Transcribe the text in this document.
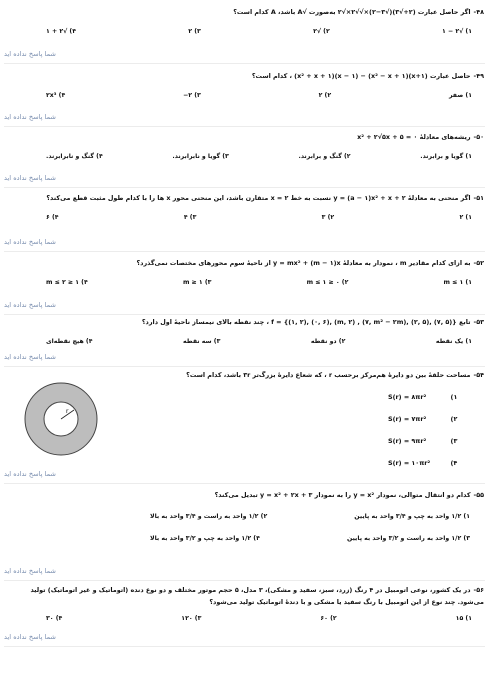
۴۸-اگر حاصل عبارت (۲+√۳)(√۳−۲)×√√۲×√۲ به‌صورت √A باشد، A کدام است؟
۱) √۲ − ۱
۲) √۲
۳) ۲
۴) √۲ + ۱
شما پاسخ نداده اید
۴۹-حاصل عبارت (x+۱)(x² − x + ۱) − (x − ۱)(x² + x + ۱) ، کدام است؟
۱) صفر
۲) ۲
۳) ۲−
۴) ۲x³
شما پاسخ نداده اید
۵۰-ریشه‌های معادلهٔ x² + ۲√۵x + ۵ = ۰
۱) گویا و برابرند.
۲) گنگ و برابرند.
۳) گویا و نابرابرند.
۴) گنگ و نابرابرند.
شما پاسخ نداده اید
۵۱-اگر منحنی به معادلهٔ y = (a − ۱)x² + x + ۲ نسبت به خط x = ۲ متقارن باشد، این منحنی محور x ها را با کدام طول مثبت قطع می‌کند؟
۱) ۲
۲) ۳
۳) ۴
۴) ۶
شما پاسخ نداده اید
۵۲-به ازای کدام مقادیر m ، نمودار به معادلهٔ y = mx² + (m − ۱)x از ناحیهٔ سوم محورهای مختصات نمی‌گذرد؟
۱) m ≤ ۱
۲) ۰ ≤ m ≤ ۱
۳) m ≥ ۱
۴) ۱ ≤ m ≤ ۲
شما پاسخ نداده اید
۵۳-تابع f = {(۱, ۲), (۰, ۶), (m, ۲) , (۷, m² − ۲m), (۲, ۵), (۷, ۵)} ، چند نقطه بالای نیمساز ناحیهٔ اول دارد؟
۱) یک نقطه
۲) دو نقطه
۳) سه نقطه
۴) هیچ نقطه‌ای
شما پاسخ نداده اید
۵۴-مساحت حلقهٔ بین دو دایرهٔ هم‌مرکز برحسب r ، که شعاع دایرهٔ بزرگ‌تر ۳r باشد، کدام است؟
r
S(r) = ۸πr²	(۱
S(r) = ۷πr²	(۲
S(r) = ۹πr²	(۳
S(r) = ۱۰πr²	(۴
شما پاسخ نداده اید
۵۵-کدام دو انتقال متوالی، نمودار y = x² را به نمودار y = x² + ۲x + ۳ تبدیل می‌کند؟
۱) ۱/۲ واحد به چپ و ۳/۴ واحد به پایین
۲) ۱/۲ واحد به راست و ۳/۴ واحد به بالا
۳) ۱/۲ واحد به راست و ۳/۲ واحد به پایین
۴) ۱/۲ واحد به چپ و ۳/۲ واحد به بالا
شما پاسخ نداده اید
۵۶-در یک کشور، نوعی اتومبیل در ۴ رنگ (زرد، سبز، سفید و مشکی)، ۳ مدل، ۵ حجم موتور مختلف و دو نوع دنده (اتوماتیک و غیر اتوماتیک) تولید
می‌شود. چند نوع از این اتومبیل با رنگ سفید یا مشکی و با دندهٔ اتوماتیک تولید می‌شود؟
۱) ۱۵
۲) ۶۰
۳) ۱۲۰
۴) ۳۰
شما پاسخ نداده اید
